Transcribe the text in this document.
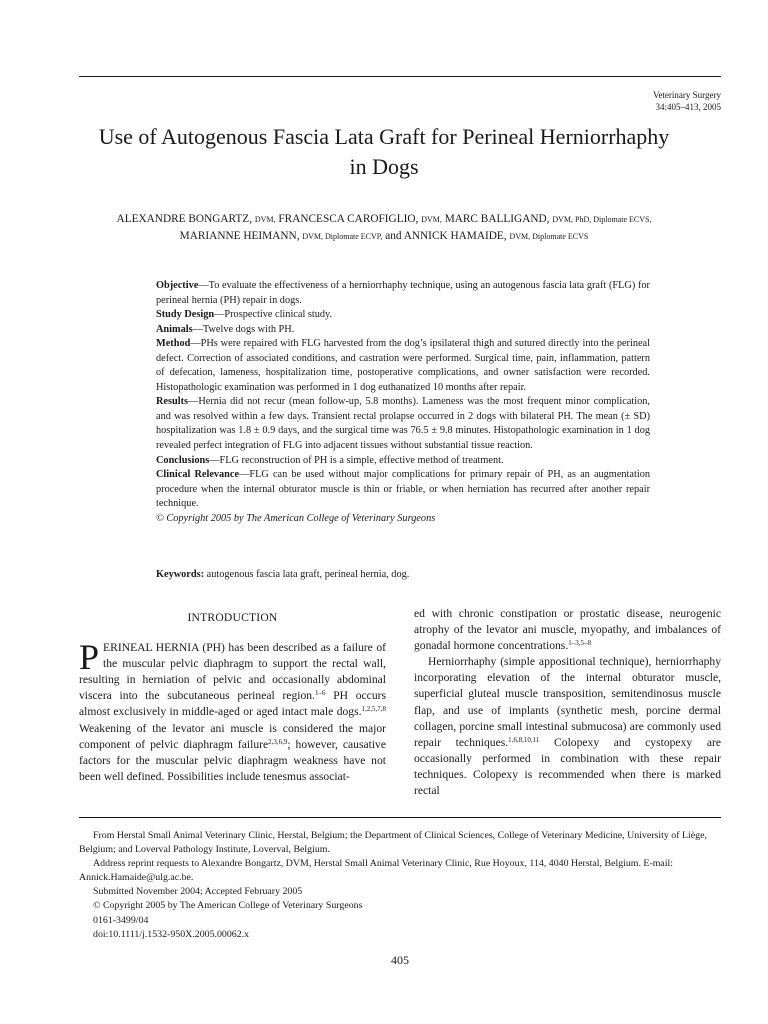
Veterinary Surgery
34:405–413, 2005
Use of Autogenous Fascia Lata Graft for Perineal Herniorrhaphy
in Dogs
ALEXANDRE BONGARTZ, DVM, FRANCESCA CAROFIGLIO, DVM, MARC BALLIGAND, DVM, PhD, Diplomate ECVS,
MARIANNE HEIMANN, DVM, Diplomate ECVP, and ANNICK HAMAIDE, DVM, Diplomate ECVS

Objective—To evaluate the effectiveness of a herniorrhaphy technique, using an autogenous fascia lata graft (FLG) for perineal hernia (PH) repair in dogs.

Study Design—Prospective clinical study.

Animals—Twelve dogs with PH.

Method—PHs were repaired with FLG harvested from the dog’s ipsilateral thigh and sutured directly into the perineal defect. Correction of associated conditions, and castration were performed. Surgical time, pain, inflammation, pattern of defecation, lameness, hospitalization time, postoperative complications, and owner satisfaction were recorded. Histopathologic examination was performed in 1 dog euthanatized 10 months after repair.

Results—Hernia did not recur (mean follow-up, 5.8 months). Lameness was the most frequent minor complication, and was resolved within a few days. Transient rectal prolapse occurred in 2 dogs with bilateral PH. The mean (± SD) hospitalization was 1.8 ± 0.9 days, and the surgical time was 76.5 ± 9.8 minutes. Histopathologic examination in 1 dog revealed perfect integration of FLG into adjacent tissues without substantial tissue reaction.

Conclusions—FLG reconstruction of PH is a simple, effective method of treatment.

Clinical Relevance—FLG can be used without major complications for primary repair of PH, as an augmentation procedure when the internal obturator muscle is thin or friable, or when herniation has recurred after another repair technique.

© Copyright 2005 by The American College of Veterinary Surgeons

Keywords: autogenous fascia lata graft, perineal hernia, dog.
INTRODUCTION

PERINEAL HERNIA (PH) has been described as a failure of the muscular pelvic diaphragm to support the rectal wall, resulting in herniation of pelvic and occasionally abdominal viscera into the subcutaneous perineal region.$^{1-6}$ PH occurs almost exclusively in middle-aged or aged intact male dogs.$^{1,2,5,7,8}$ Weakening of the levator ani muscle is considered the major component of pelvic diaphragm failure$^{2,3,6,9}$; however, causative factors for the muscular pelvic diaphragm weakness have not been well defined. Possibilities include tenesmus associat-

ed with chronic constipation or prostatic disease, neurogenic atrophy of the levator ani muscle, myopathy, and imbalances of gonadal hormone concentrations.$^{1-3,5-8}$

Herniorrhaphy (simple appositional technique), herniorrhaphy incorporating elevation of the internal obturator muscle, superficial gluteal muscle transposition, semitendinosus muscle flap, and use of implants (synthetic mesh, porcine dermal collagen, porcine small intestinal submucosa) are commonly used repair techniques.$^{1,6,8,10,11}$ Colopexy and cystopexy are occasionally performed in combination with these repair techniques. Colopexy is recommended when there is marked rectal

From Herstal Small Animal Veterinary Clinic, Herstal, Belgium; the Department of Clinical Sciences, College of Veterinary Medicine, University of Liège, Belgium; and Loverval Pathology Institute, Loverval, Belgium.

Address reprint requests to Alexandre Bongartz, DVM, Herstal Small Animal Veterinary Clinic, Rue Hoyoux, 114, 4040 Herstal, Belgium. E-mail: Annick.Hamaide@ulg.ac.be.

Submitted November 2004; Accepted February 2005

© Copyright 2005 by The American College of Veterinary Surgeons

0161-3499/04

doi:10.1111/j.1532-950X.2005.00062.x

405
